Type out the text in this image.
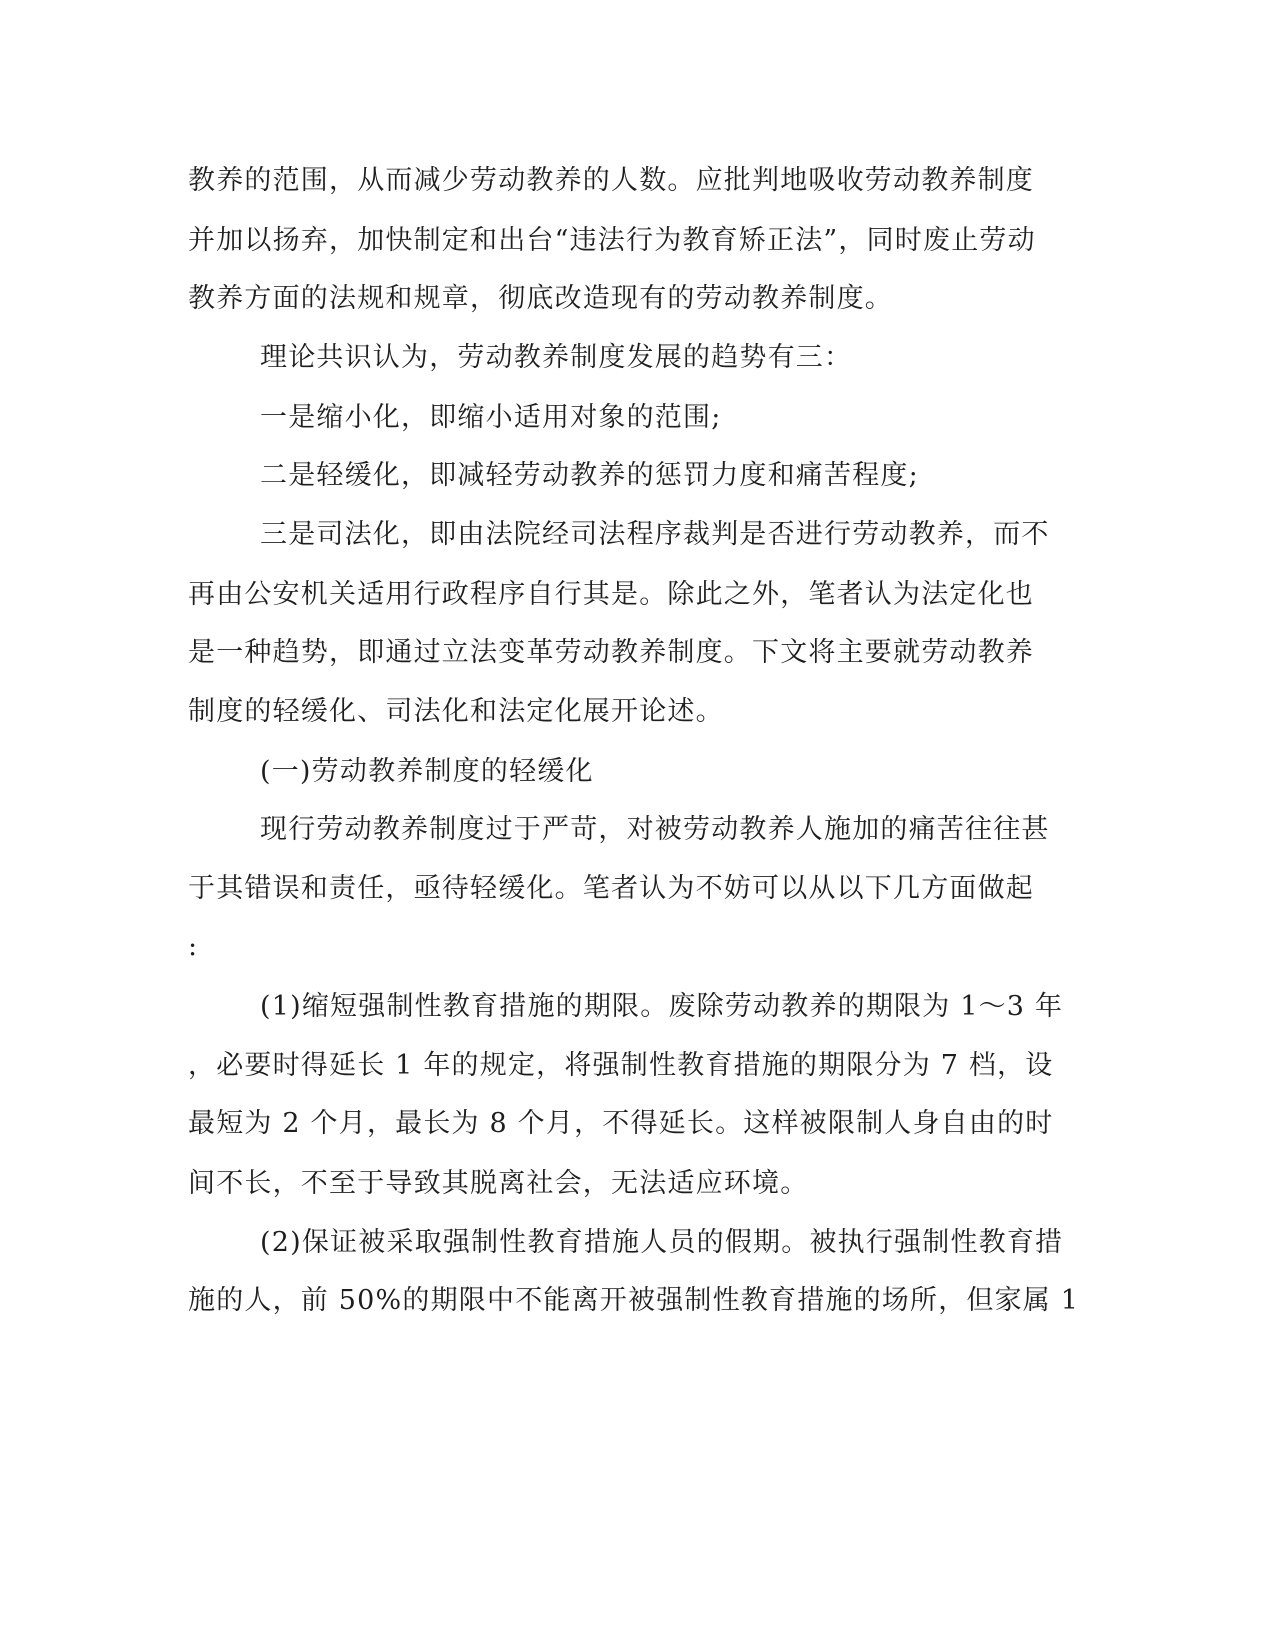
教养的范围，从而减少劳动教养的人数。应批判地吸收劳动教养制度

并加以扬弃，加快制定和出台“违法行为教育矫正法”，同时废止劳动

教养方面的法规和规章，彻底改造现有的劳动教养制度。

理论共识认为，劳动教养制度发展的趋势有三：

一是缩小化，即缩小适用对象的范围;

二是轻缓化，即减轻劳动教养的惩罚力度和痛苦程度;

三是司法化，即由法院经司法程序裁判是否进行劳动教养，而不

再由公安机关适用行政程序自行其是。除此之外，笔者认为法定化也

是一种趋势，即通过立法变革劳动教养制度。下文将主要就劳动教养

制度的轻缓化、司法化和法定化展开论述。

(一)劳动教养制度的轻缓化

现行劳动教养制度过于严苛，对被劳动教养人施加的痛苦往往甚

于其错误和责任，亟待轻缓化。笔者认为不妨可以从以下几方面做起

:

(1)缩短强制性教育措施的期限。废除劳动教养的期限为 1～3 年

，必要时得延长 1 年的规定，将强制性教育措施的期限分为 7 档，设

最短为 2 个月，最长为 8 个月，不得延长。这样被限制人身自由的时

间不长，不至于导致其脱离社会，无法适应环境。

(2)保证被采取强制性教育措施人员的假期。被执行强制性教育措

施的人，前 50%的期限中不能离开被强制性教育措施的场所，但家属 1
